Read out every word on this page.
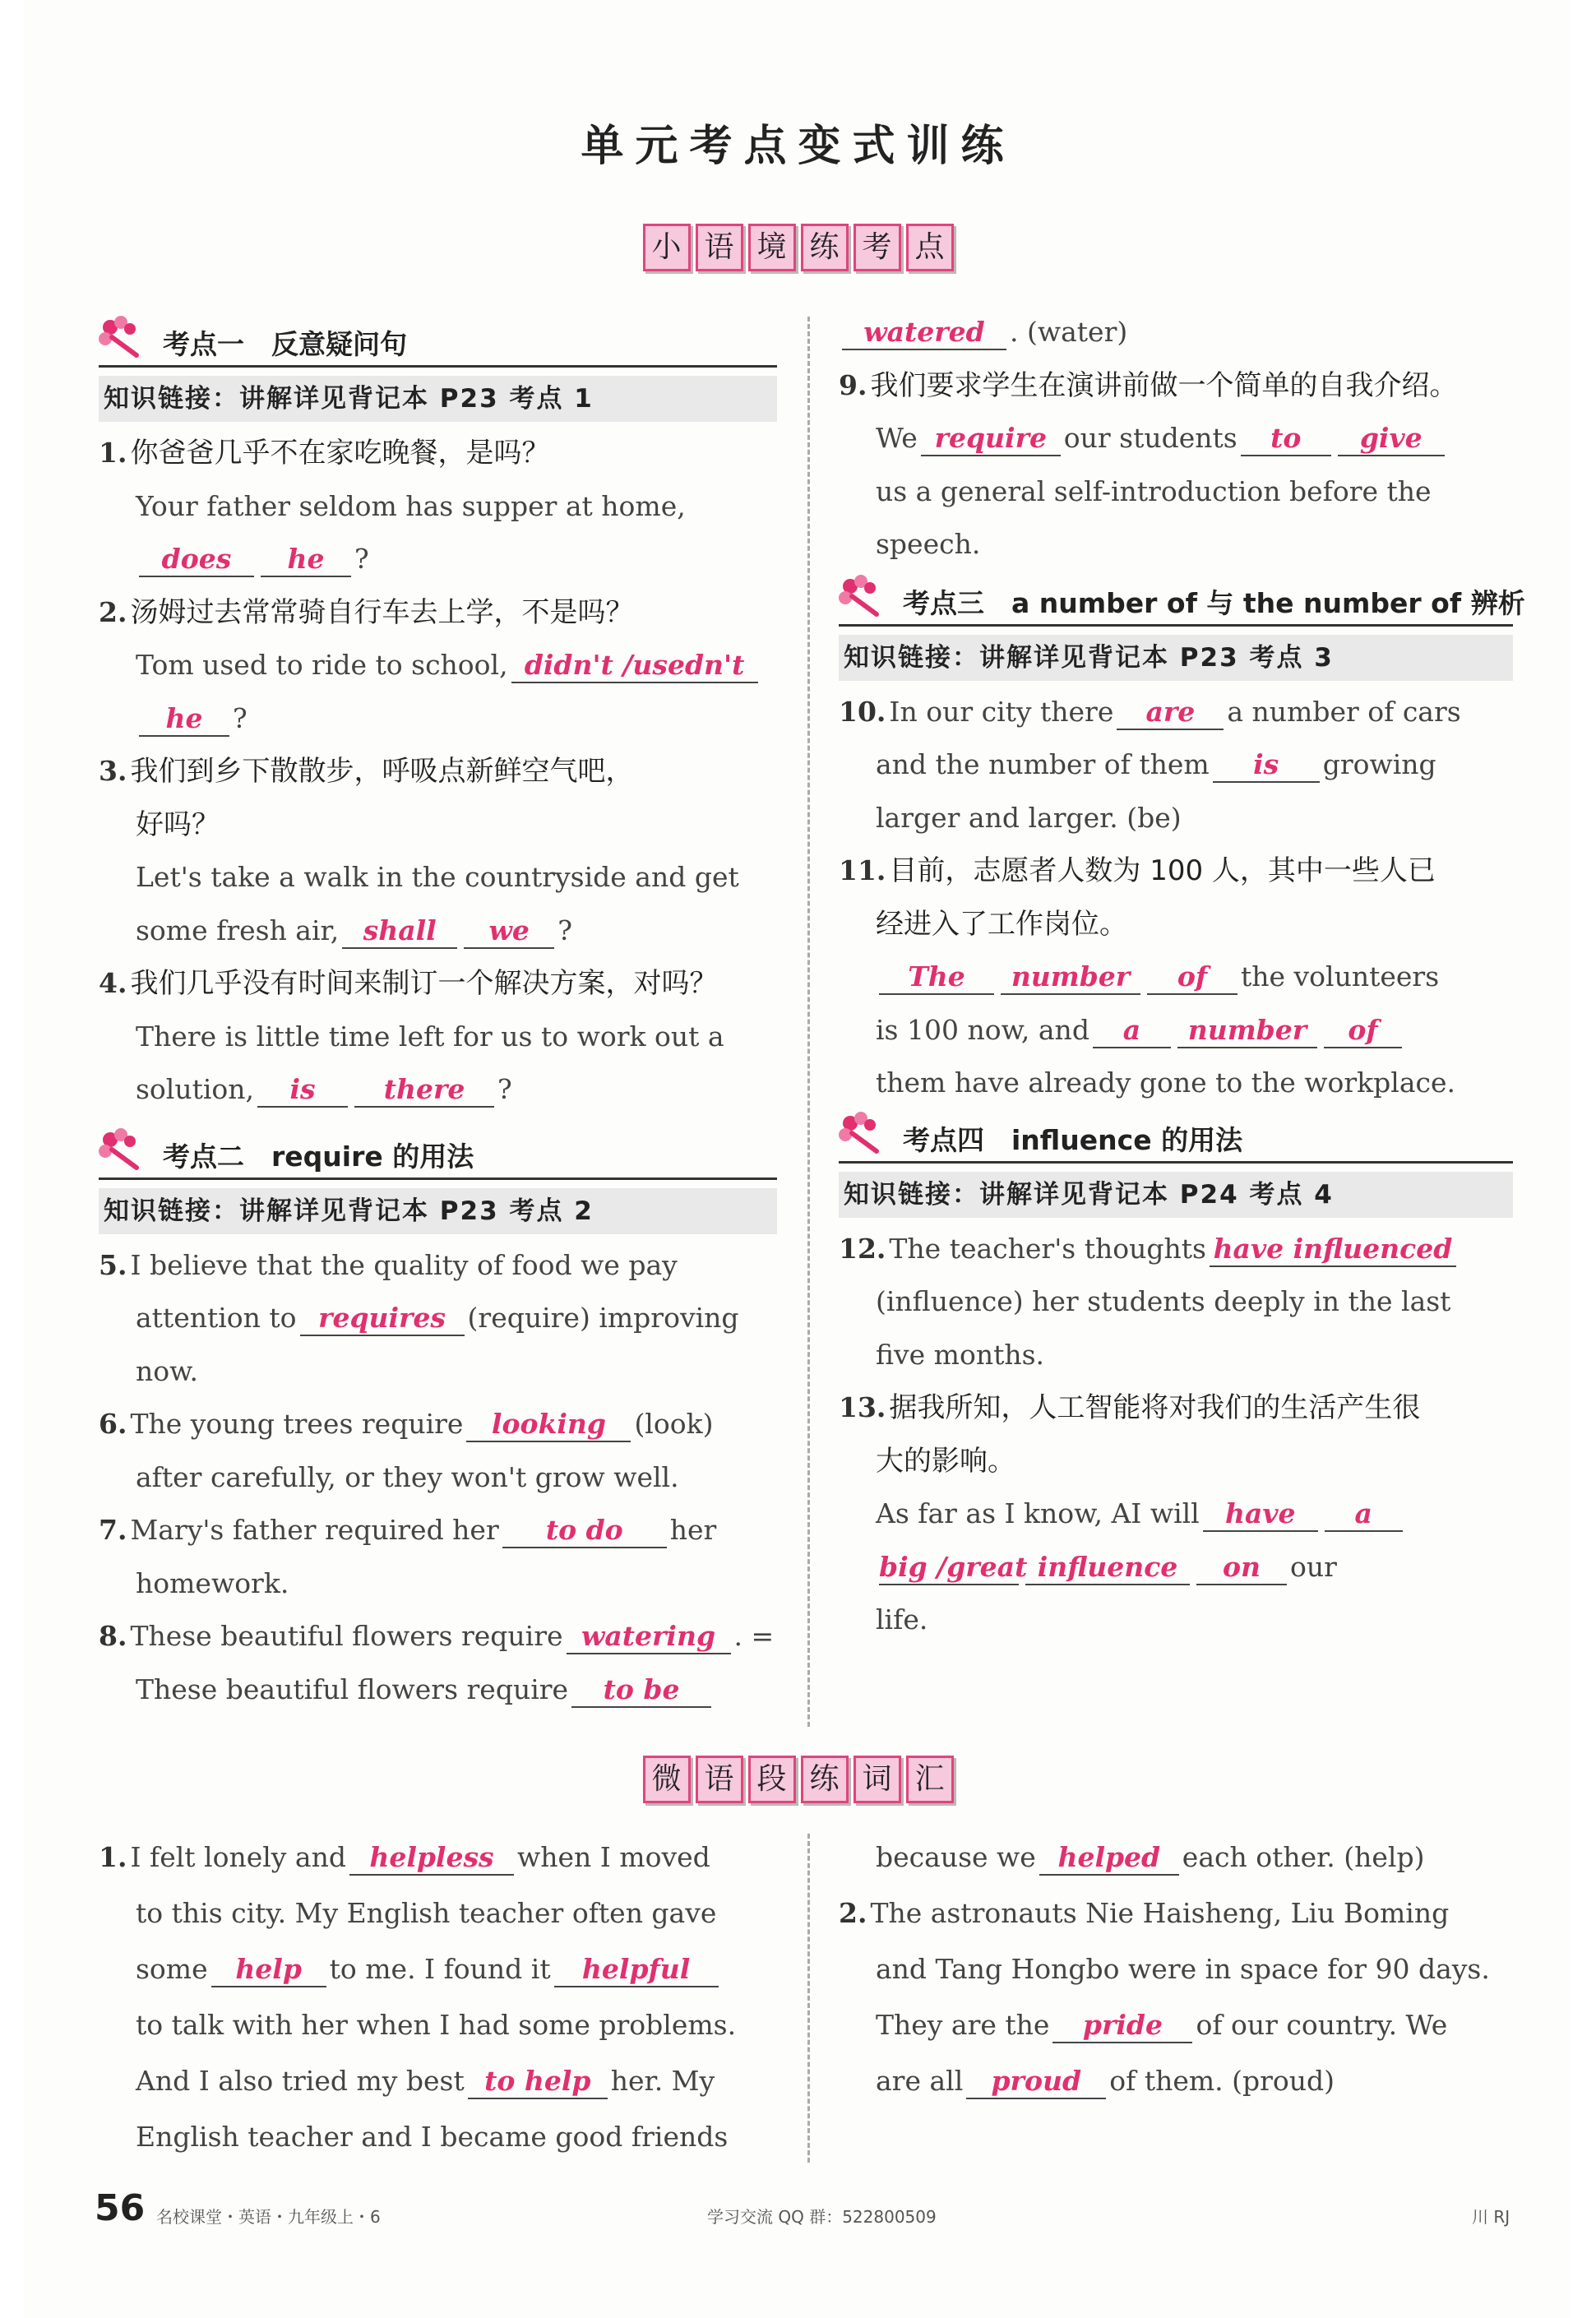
单元考点变式训练
小 语 境 练 考 点
考点一　反意疑问句
知识链接：讲解详见背记本 P23 考点 1
1. 你爸爸几乎不在家吃晚餐，是吗？
Your father seldom has supper at home,
does he ?
2. 汤姆过去常常骑自行车去上学，不是吗？
Tom used to ride to school, didn't /usedn't
he ?
3. 我们到乡下散散步，呼吸点新鲜空气吧，
好吗？
Let's take a walk in the countryside and get
some fresh air, shall we ?
4. 我们几乎没有时间来制订一个解决方案，对吗？
There is little time left for us to work out a
solution, is	there ?
考点二　require 的用法
知识链接：讲解详见背记本 P23 考点 2
5. I believe that the quality of food we pay
attention to requires (require) improving
now.
6. The young trees require looking (look)
after carefully, or they won't grow well.
7. Mary's father required her to do her
homework.
8. These beautiful flowers require watering . =
These beautiful flowers require to be
watered . (water)
9. 我们要求学生在演讲前做一个简单的自我介绍。
We require our students to give
us a general self-introduction before the
speech.
考点三　a number of 与 the number of 辨析
知识链接：讲解详见背记本 P23 考点 3
10. In our city there are a number of cars
and the number of them is growing
larger and larger. (be)
11. 目前，志愿者人数为 100 人，其中一些人已
经进入了工作岗位。
The number of the volunteers
is 100 now, and a number of
them have already gone to the workplace.
考点四　influence 的用法
知识链接：讲解详见背记本 P24 考点 4
12. The teacher's thoughts have influenced
(influence) her students deeply in the last
five months.
13. 据我所知，人工智能将对我们的生活产生很
大的影响。
As far as I know, AI will have a
big /great influence on our
life.
微 语 段 练 词 汇
1. I felt lonely and helpless when I moved
to this city. My English teacher often gave
some help to me. I found it helpful
to talk with her when I had some problems.
And I also tried my best to help her. My
English teacher and I became good friends
because we helped each other. (help)
2. The astronauts Nie Haisheng, Liu Boming
and Tang Hongbo were in space for 90 days.
They are the pride of our country. We
are all proud of them. (proud)
56 名校课堂・英语・九年级上・6	学习交流 QQ 群：522800509	川 RJ
